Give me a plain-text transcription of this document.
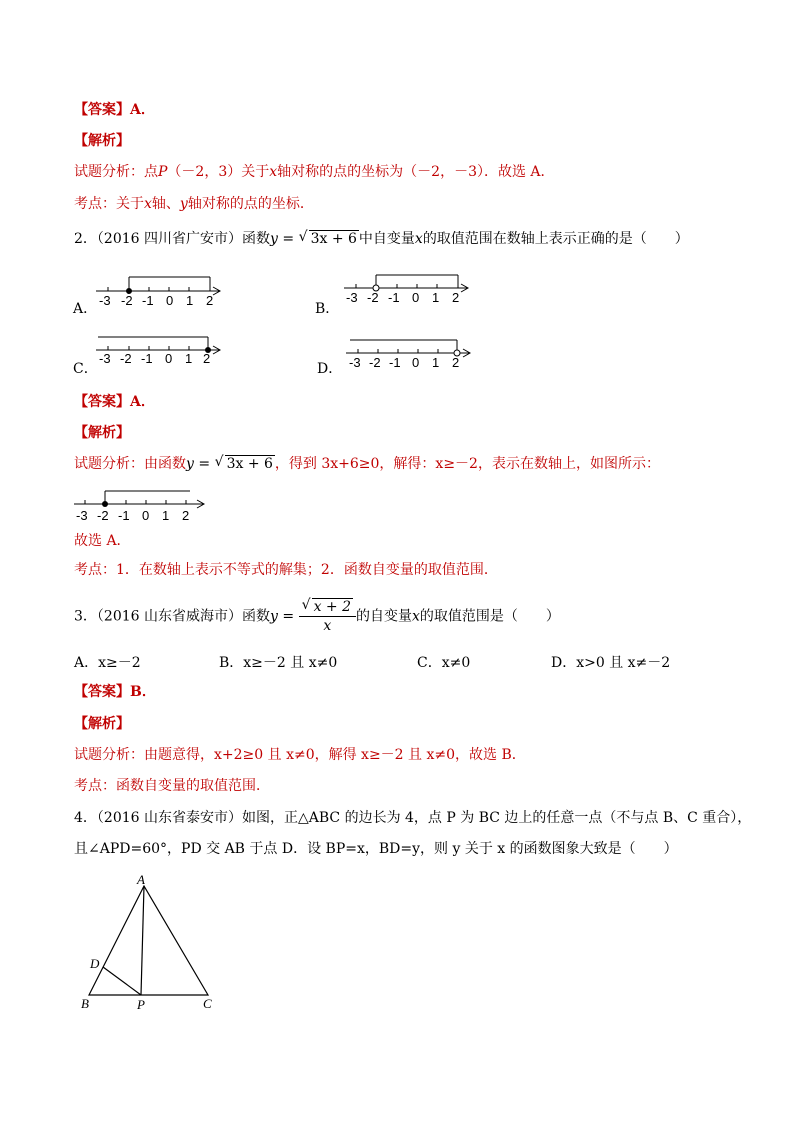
【答案】A．
【解析】
试题分析：点P（－2，3）关于x轴对称的点的坐标为（－2，－3）．故选 A．
考点：关于x轴、y轴对称的点的坐标．
2．（2016 四川省广安市）函数y = √ 3x + 6 中自变量x的取值范围在数轴上表示正确的是（　　）
A．
-3 -2 -1 0 1 2
B．
-3 -2 -1 0 1 2
C．
-3 -2 -1 0 1 2
D． -3 -2 -1 0 1 2
【答案】A．
【解析】
试题分析：由函数y = √ 3x + 6 ，得到 3x+6≥0，解得：x≥－2，表示在数轴上，如图所示：
-3 -2 -1 0 1 2
故选 A．
考点：1．在数轴上表示不等式的解集；2．函数自变量的取值范围．
3．（2016 山东省威海市）函数$y = \frac{√ x + 2}{x}$ 的自变量x的取值范围是（　　）
A．x≥－2	B．x≥－2 且 x≠0	C．x≠0	D．x>0 且 x≠－2
【答案】B．
【解析】
试题分析：由题意得，x+2≥0 且 x≠0，解得 x≥－2 且 x≠0，故选 B．
考点：函数自变量的取值范围．
4．（2016 山东省泰安市）如图，正△ABC 的边长为 4，点 P 为 BC 边上的任意一点（不与点 B、C 重合），
且∠APD=60°，PD 交 AB 于点 D．设 BP=x，BD=y，则 y 关于 x 的函数图象大致是（　　）
A
D
B	P	C
